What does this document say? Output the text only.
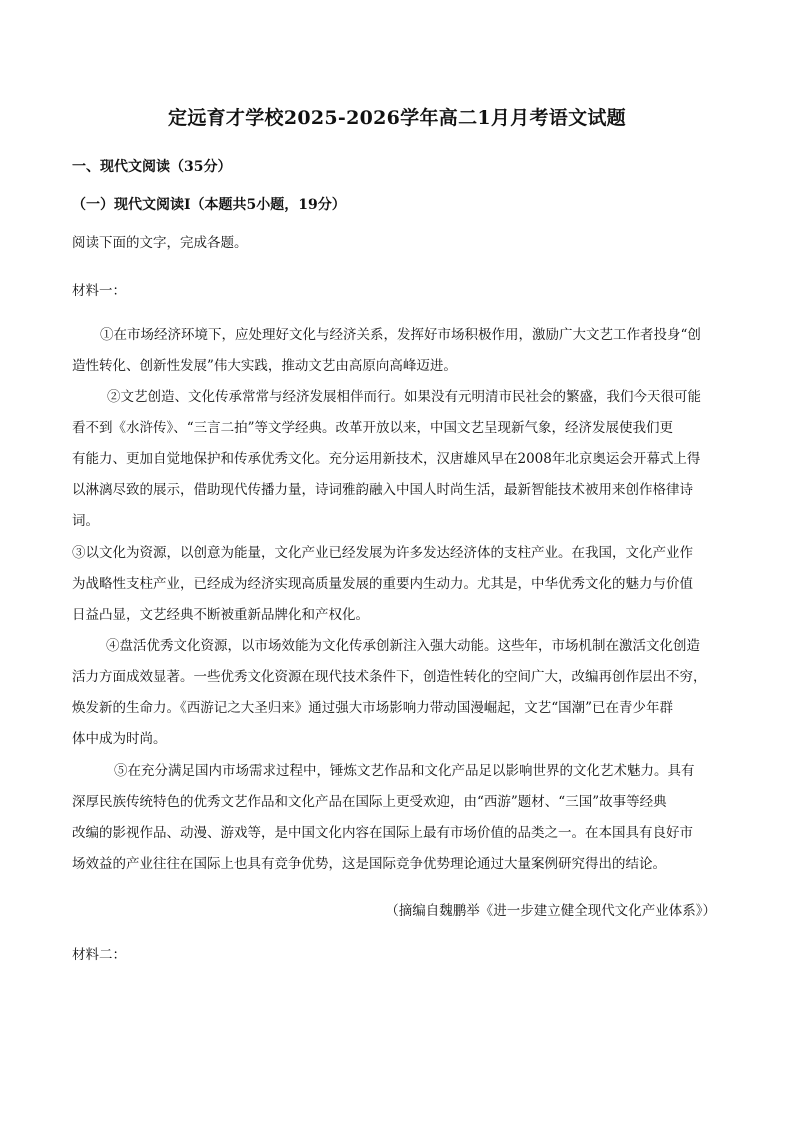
定远育才学校2025-2026学年高二1月月考语文试题
一、现代文阅读（35分）
（一）现代文阅读Ⅰ（本题共5小题，19分）
阅读下面的文字，完成各题。
材料一：
①在市场经济环境下，应处理好文化与经济关系，发挥好市场积极作用，激励广大文艺工作者投身“创
造性转化、创新性发展”伟大实践，推动文艺由高原向高峰迈进。
②文艺创造、文化传承常常与经济发展相伴而行。如果没有元明清市民社会的繁盛，我们今天很可能
看不到《水浒传》、“三言二拍”等文学经典。改革开放以来，中国文艺呈现新气象，经济发展使我们更
有能力、更加自觉地保护和传承优秀文化。充分运用新技术，汉唐雄风早在2008年北京奥运会开幕式上得
以淋漓尽致的展示，借助现代传播力量，诗词雅韵融入中国人时尚生活，最新智能技术被用来创作格律诗
词。
③以文化为资源，以创意为能量，文化产业已经发展为许多发达经济体的支柱产业。在我国，文化产业作
为战略性支柱产业，已经成为经济实现高质量发展的重要内生动力。尤其是，中华优秀文化的魅力与价值
日益凸显，文艺经典不断被重新品牌化和产权化。
④盘活优秀文化资源，以市场效能为文化传承创新注入强大动能。这些年，市场机制在激活文化创造
活力方面成效显著。一些优秀文化资源在现代技术条件下，创造性转化的空间广大，改编再创作层出不穷，
焕发新的生命力。《西游记之大圣归来》通过强大市场影响力带动国漫崛起，文艺“国潮”已在青少年群
体中成为时尚。
⑤在充分满足国内市场需求过程中，锤炼文艺作品和文化产品足以影响世界的文化艺术魅力。具有
深厚民族传统特色的优秀文艺作品和文化产品在国际上更受欢迎，由“西游”题材、“三国”故事等经典
改编的影视作品、动漫、游戏等，是中国文化内容在国际上最有市场价值的品类之一。在本国具有良好市
场效益的产业往往在国际上也具有竞争优势，这是国际竞争优势理论通过大量案例研究得出的结论。
（摘编自魏鹏举《进一步建立健全现代文化产业体系》）
材料二：
